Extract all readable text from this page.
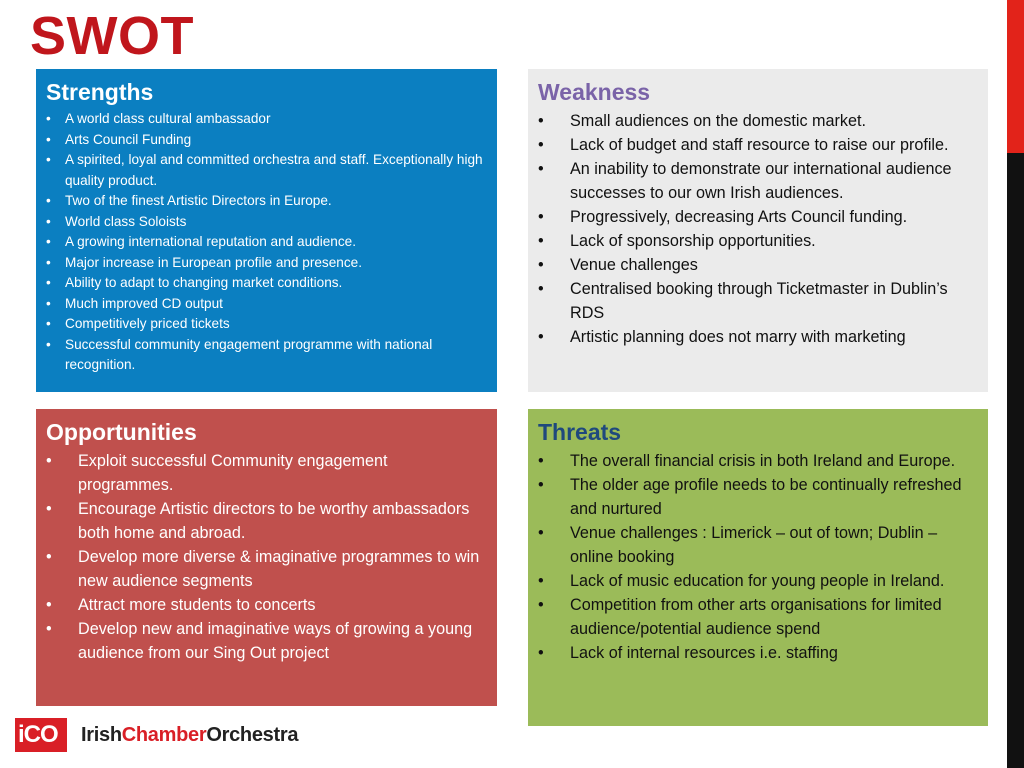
SWOT
Strengths
• A world class cultural ambassador
• Arts Council Funding
• A spirited, loyal and committed orchestra and staff. Exceptionally high quality product.
• Two of the finest Artistic Directors in Europe.
• World class Soloists
• A growing international reputation and audience.
• Major increase in European profile and presence.
• Ability to adapt to changing market conditions.
• Much improved CD output
• Competitively priced tickets
• Successful community engagement programme with national recognition.
Weakness
• Small audiences on the domestic market.
• Lack of budget and staff resource to raise our profile.
• An inability to demonstrate our international audience successes to our own Irish audiences.
• Progressively, decreasing Arts Council funding.
• Lack of sponsorship opportunities.
• Venue challenges
• Centralised booking through Ticketmaster in Dublin’s RDS
• Artistic planning does not marry with marketing
Opportunities
• Exploit successful Community engagement programmes.
• Encourage Artistic directors to be worthy ambassadors both home and abroad.
• Develop more diverse & imaginative programmes to win new audience segments
• Attract more students to concerts
• Develop new and imaginative ways of growing a young audience from our Sing Out project
Threats
• The overall financial crisis in both Ireland and Europe.
• The older age profile needs to be continually refreshed and nurtured
• Venue challenges : Limerick – out of town; Dublin – online booking
• Lack of music education for young people in Ireland.
• Competition from other arts organisations for limited audience/potential audience spend
• Lack of internal resources i.e. staffing
iCO	IrishChamberOrchestra
